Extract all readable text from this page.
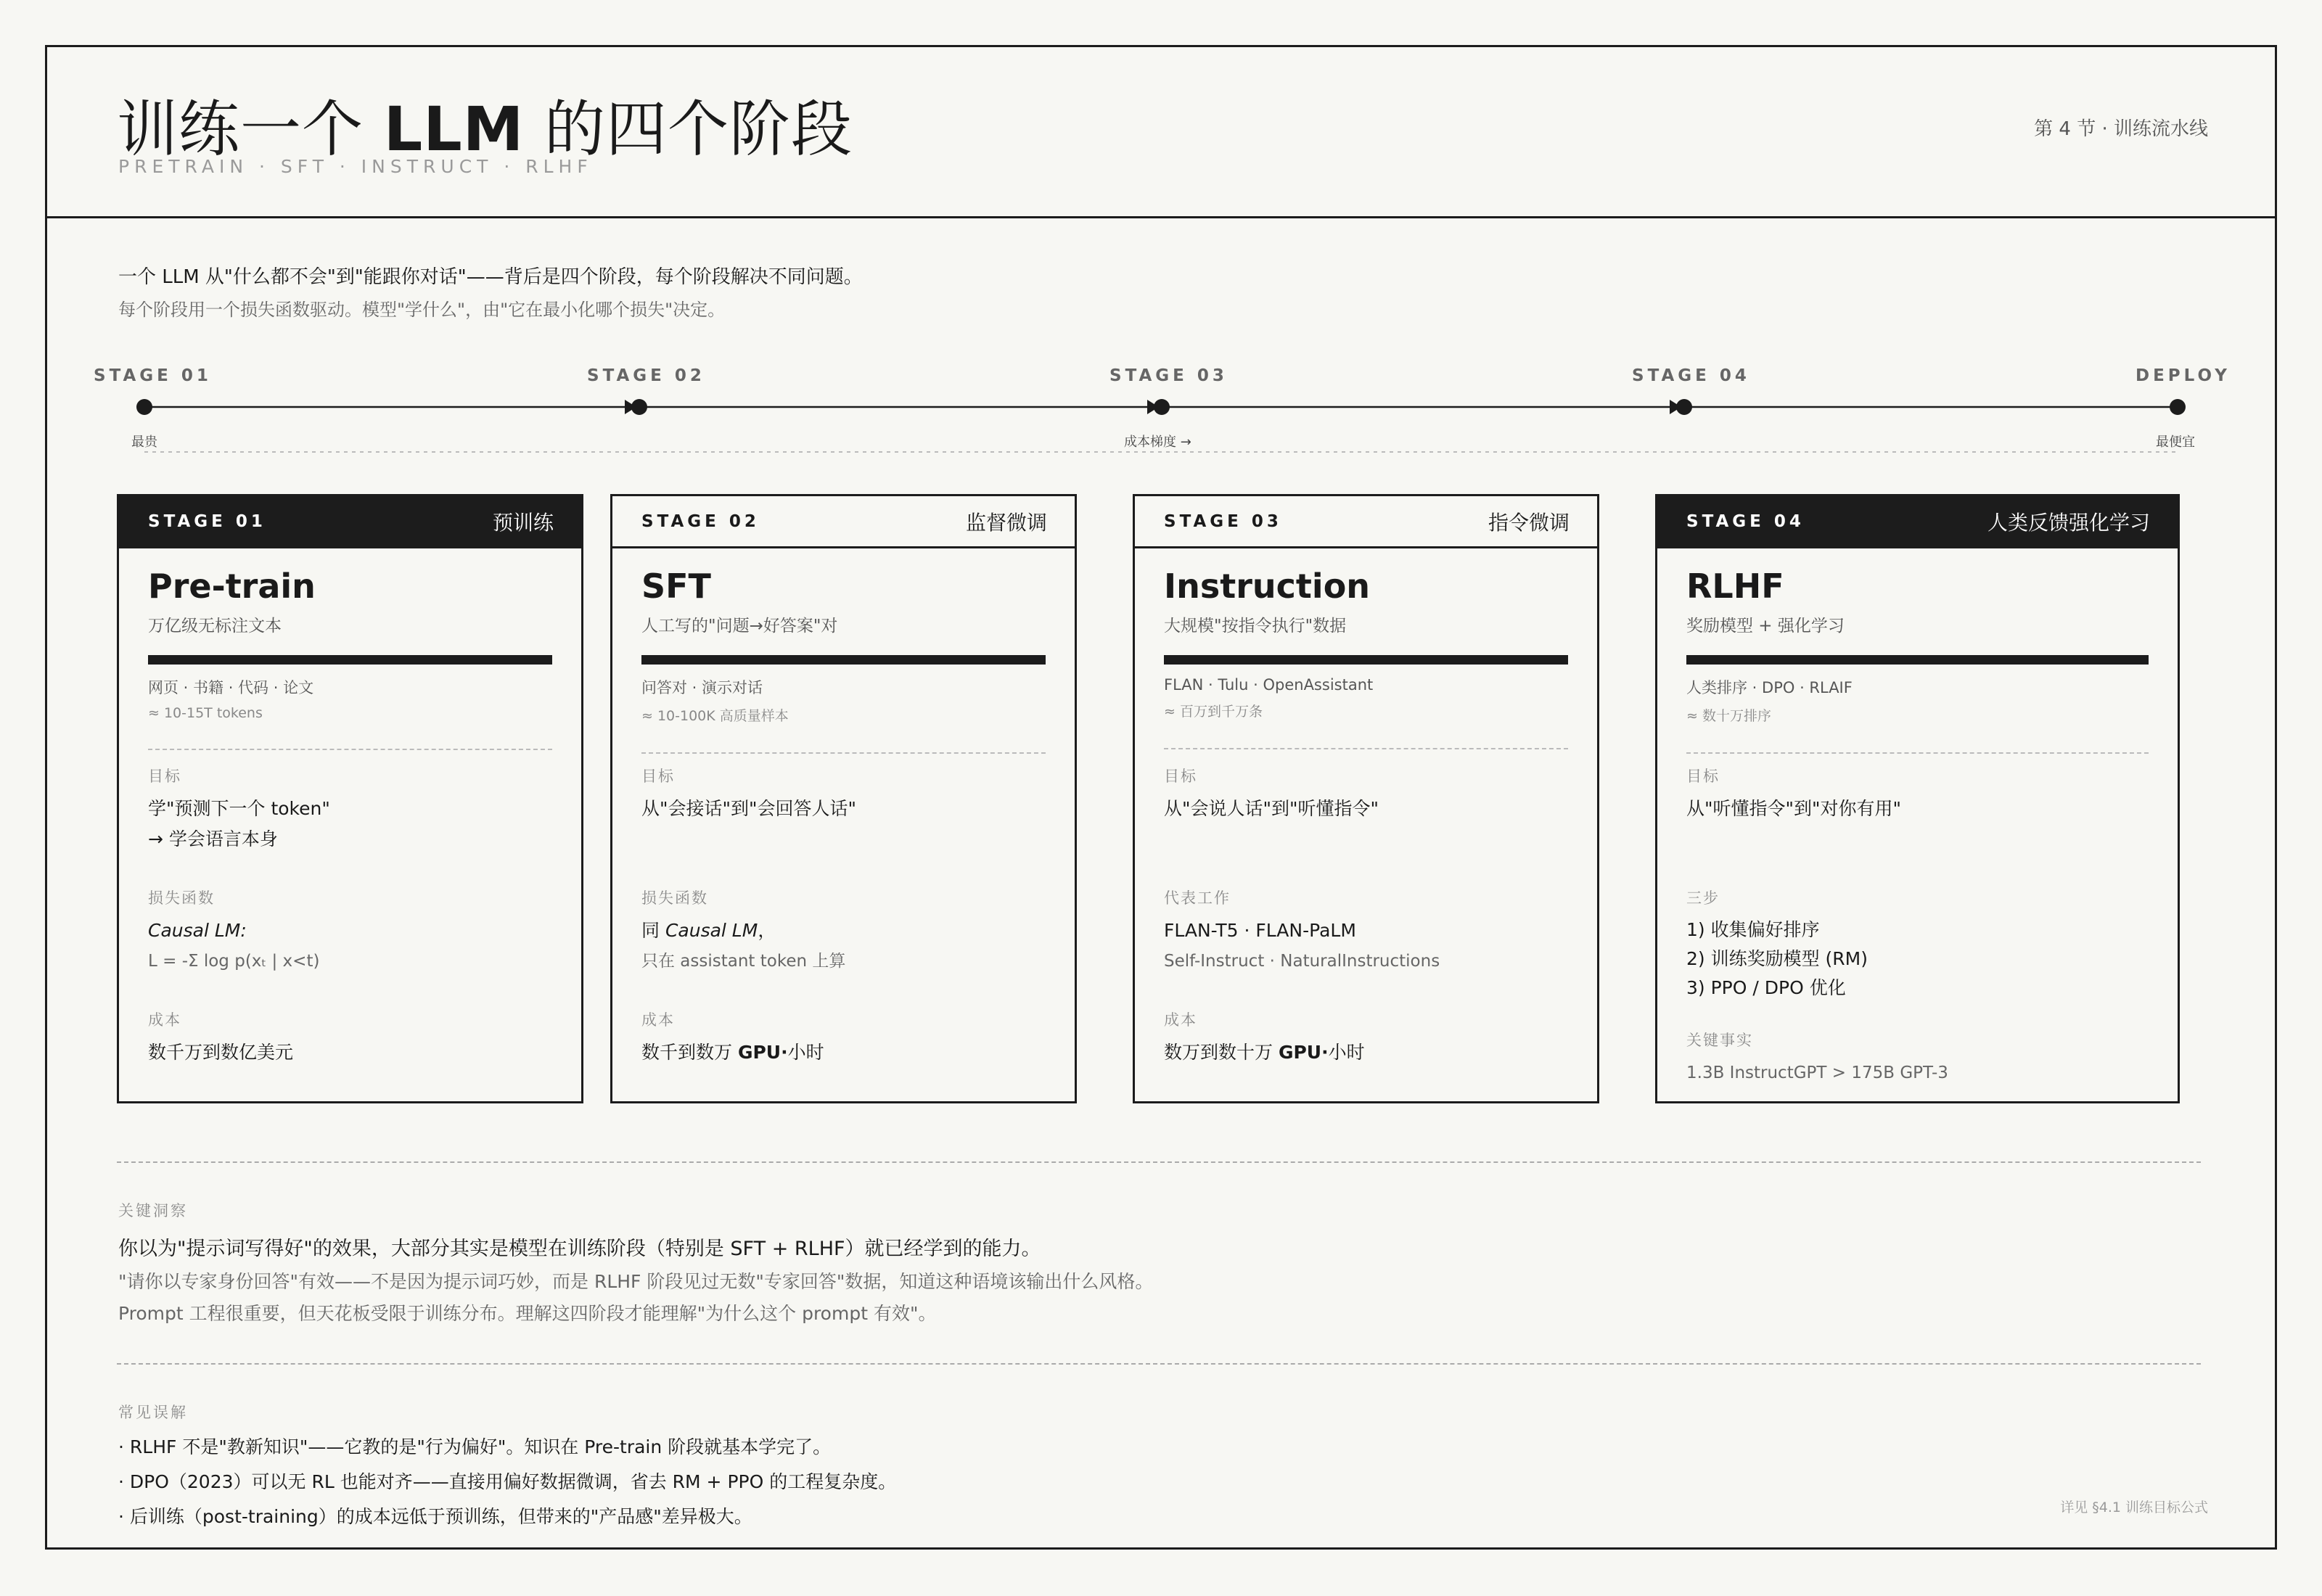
训练一个 LLM 的四个阶段
PRETRAIN · SFT · INSTRUCT · RLHF
第 4 节 · 训练流水线
一个 LLM 从"什么都不会"到"能跟你对话"——背后是四个阶段，每个阶段解决不同问题。
每个阶段用一个损失函数驱动。模型"学什么"，由"它在最小化哪个损失"决定。
STAGE 01	STAGE 02	STAGE 03	STAGE 04	DEPLOY
最贵	成本梯度 →	最便宜
STAGE 01	预训练
Pre-train
万亿级无标注文本
网页 · 书籍 · 代码 · 论文
≈ 10-15T tokens
目标
学"预测下一个 token"
→ 学会语言本身
损失函数
Causal LM:
L = -Σ log p(xₜ | x<t)
成本
数千万到数亿美元
STAGE 02	监督微调
SFT
人工写的"问题→好答案"对
问答对 · 演示对话
≈ 10-100K 高质量样本
目标
从"会接话"到"会回答人话"
损失函数
同 Causal LM，
只在 assistant token 上算
成本
数千到数万 GPU·小时
STAGE 03	指令微调
Instruction
大规模"按指令执行"数据
FLAN · Tulu · OpenAssistant
≈ 百万到千万条
目标
从"会说人话"到"听懂指令"
代表工作
FLAN-T5 · FLAN-PaLM
Self-Instruct · NaturalInstructions
成本
数万到数十万 GPU·小时
STAGE 04	人类反馈强化学习
RLHF
奖励模型 + 强化学习
人类排序 · DPO · RLAIF
≈ 数十万排序
目标
从"听懂指令"到"对你有用"
三步
1) 收集偏好排序
2) 训练奖励模型 (RM)
3) PPO / DPO 优化
关键事实
1.3B InstructGPT > 175B GPT-3
关键洞察
你以为"提示词写得好"的效果，大部分其实是模型在训练阶段（特别是 SFT + RLHF）就已经学到的能力。
"请你以专家身份回答"有效——不是因为提示词巧妙，而是 RLHF 阶段见过无数"专家回答"数据，知道这种语境该输出什么风格。
Prompt 工程很重要，但天花板受限于训练分布。理解这四阶段才能理解"为什么这个 prompt 有效"。
常见误解
· RLHF 不是"教新知识"——它教的是"行为偏好"。知识在 Pre-train 阶段就基本学完了。
· DPO（2023）可以无 RL 也能对齐——直接用偏好数据微调，省去 RM + PPO 的工程复杂度。
· 后训练（post-training）的成本远低于预训练，但带来的"产品感"差异极大。	详见 §4.1 训练目标公式
